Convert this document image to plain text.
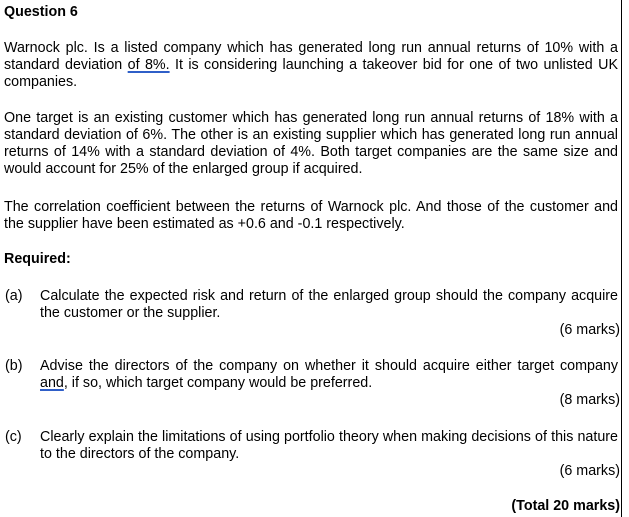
Question 6
Warnock plc. Is a listed company which has generated long run annual returns of 10% with a standard deviation of 8%. It is considering launching a takeover bid for one of two unlisted UK companies.
One target is an existing customer which has generated long run annual returns of 18% with a standard deviation of 6%. The other is an existing supplier which has generated long run annual returns of 14% with a standard deviation of 4%. Both target companies are the same size and would account for 25% of the enlarged group if acquired.
The correlation coefficient between the returns of Warnock plc. And those of the customer and the supplier have been estimated as +0.6 and -0.1 respectively.
Required:
(a) Calculate the expected risk and return of the enlarged group should the company acquire the customer or the supplier.
(6 marks)
(b) Advise the directors of the company on whether it should acquire either target company and, if so, which target company would be preferred.
(8 marks)
(c) Clearly explain the limitations of using portfolio theory when making decisions of this nature to the directors of the company.
(6 marks)
(Total 20 marks)
